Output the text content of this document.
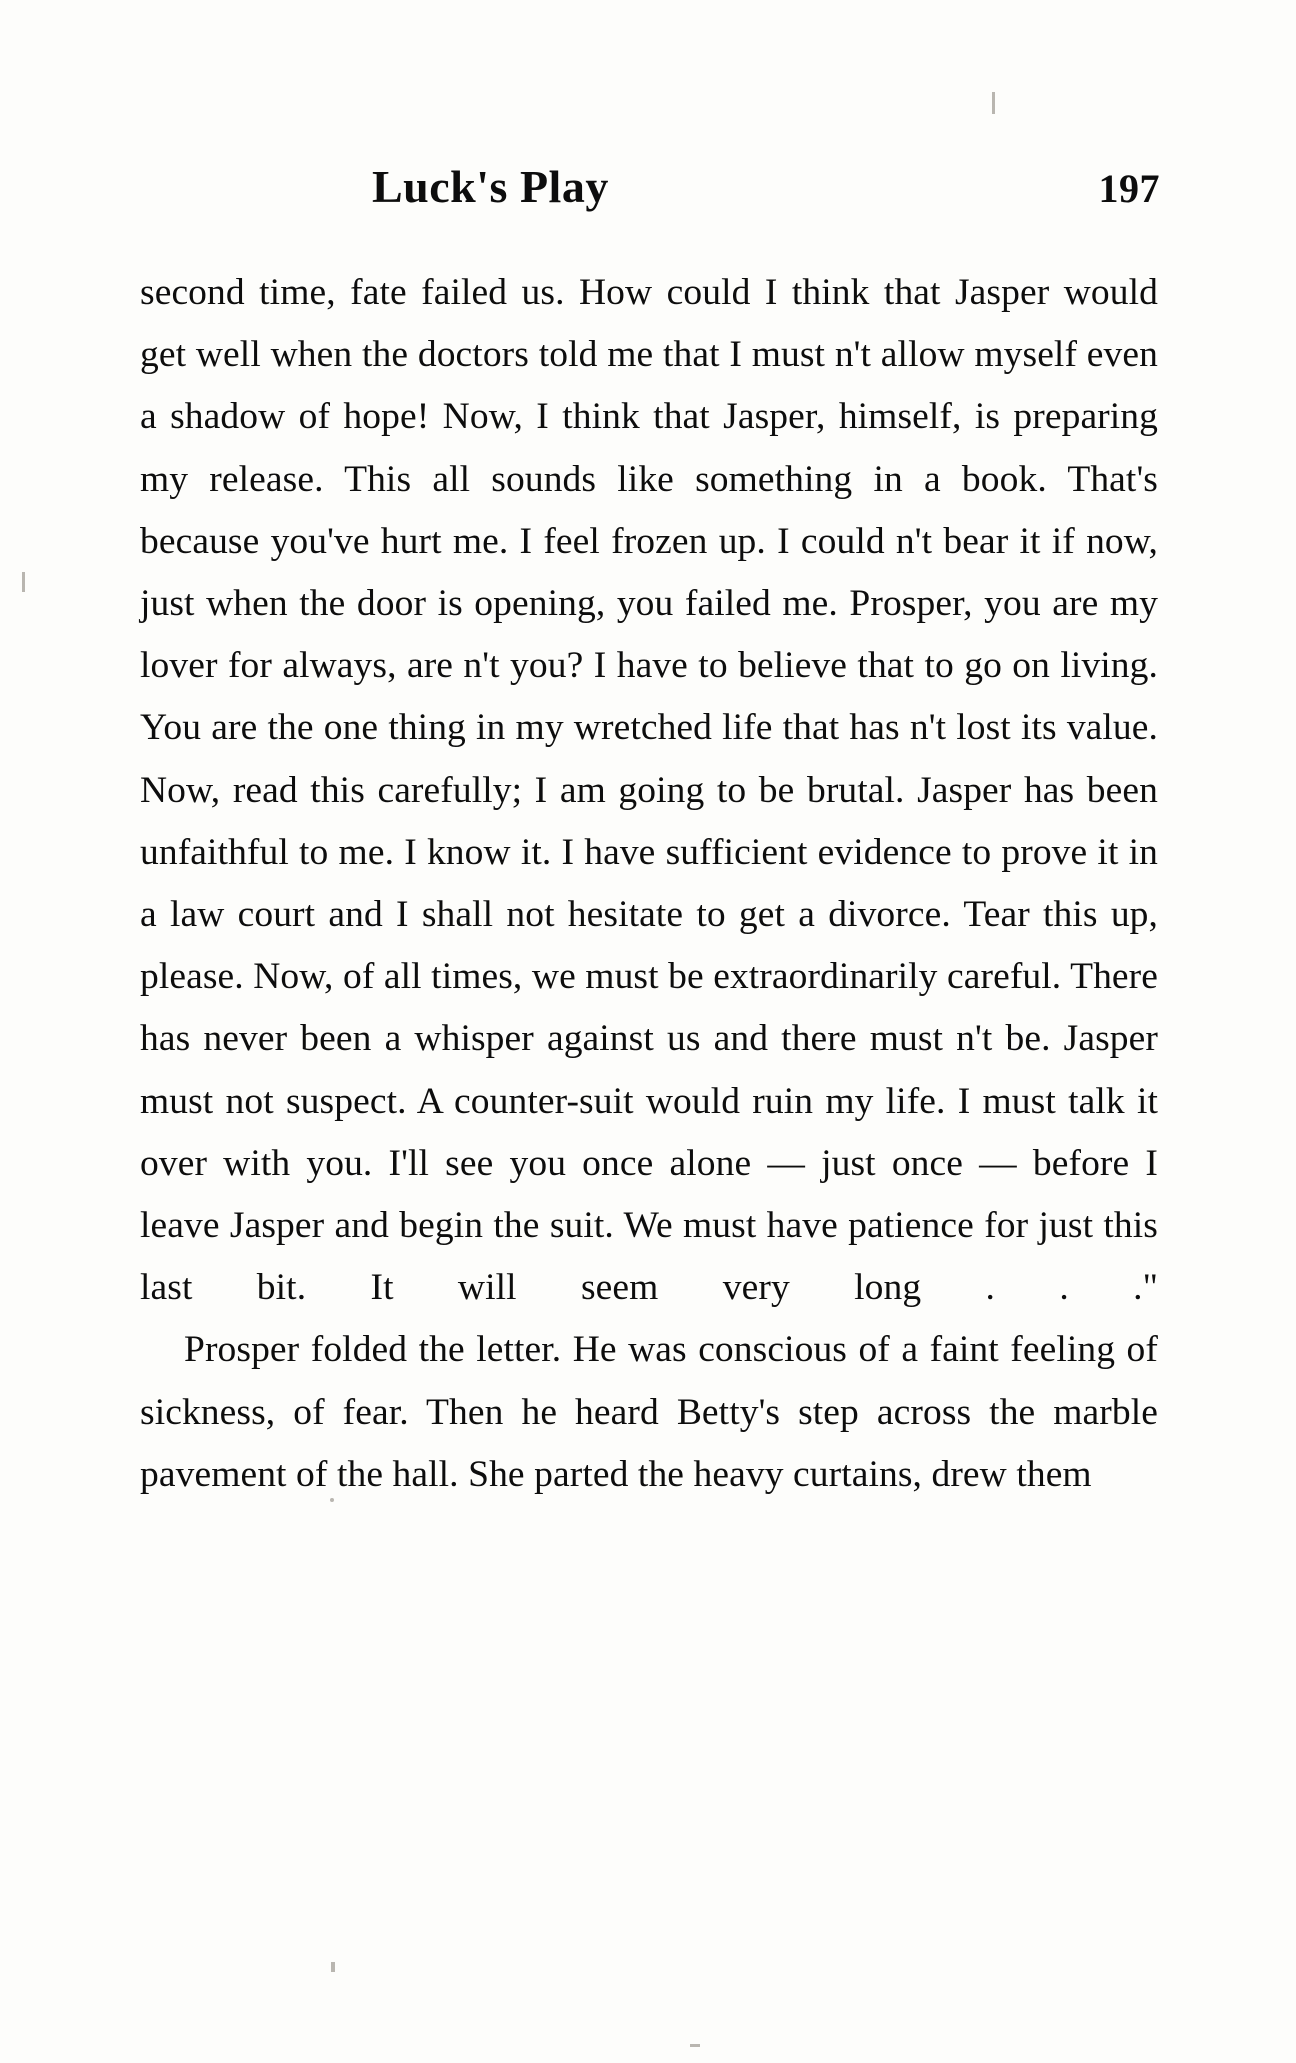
Luck's Play	197

second time, fate failed us. How could I think that Jasper would get well when the doctors told me that I must n't allow myself even a shadow of hope! Now, I think that Jasper, himself, is preparing my release. This all sounds like something in a book. That's because you've hurt me. I feel frozen up. I could n't bear it if now, just when the door is opening, you failed me. Prosper, you are my lover for always, are n't you? I have to believe that to go on living. You are the one thing in my wretched life that has n't lost its value. Now, read this carefully; I am going to be brutal. Jasper has been unfaithful to me. I know it. I have sufficient evidence to prove it in a law court and I shall not hesitate to get a divorce. Tear this up, please. Now, of all times, we must be extraordinarily careful. There has never been a whisper against us and there must n't be. Jasper must not suspect. A counter-suit would ruin my life. I must talk it over with you. I'll see you once alone — just once — before I leave Jasper and begin the suit. We must have patience for just this last bit. It will seem very long . . ."

Prosper folded the letter. He was conscious of a faint feeling of sickness, of fear. Then he heard Betty's step across the marble pavement of the hall. She parted the heavy curtains, drew them
